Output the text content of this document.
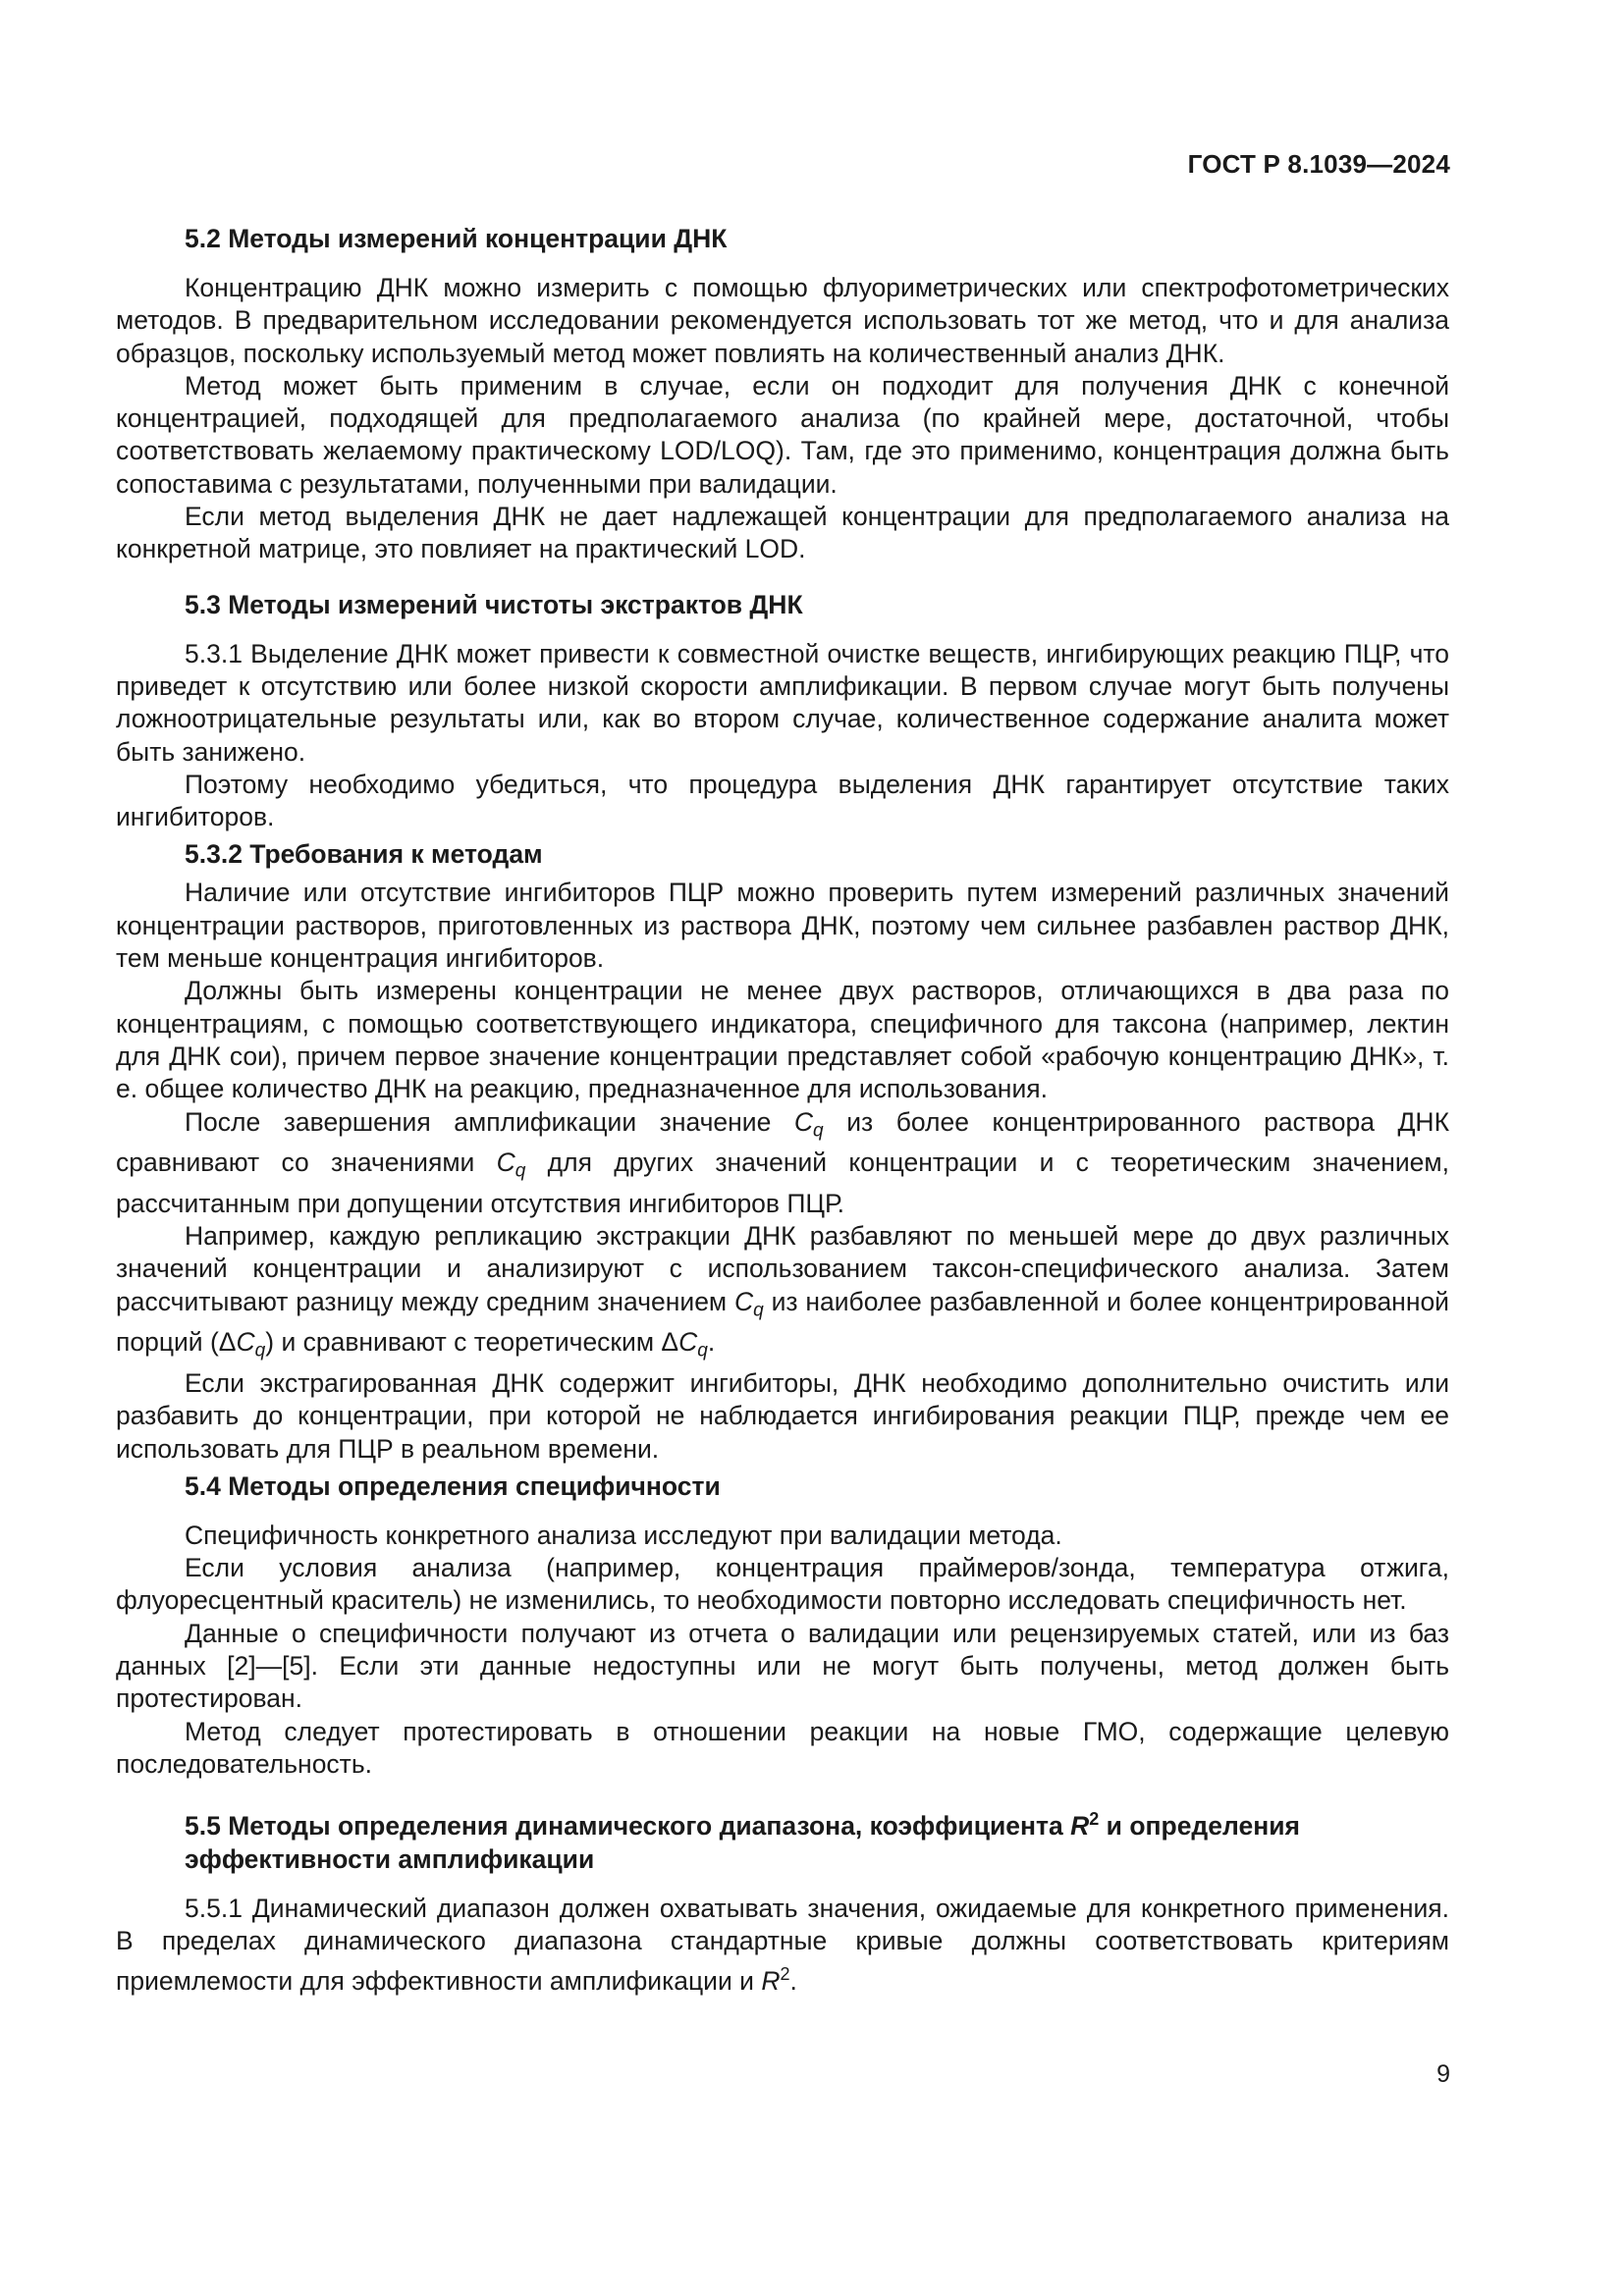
ГОСТ Р 8.1039—2024
5.2 Методы измерений концентрации ДНК

Концентрацию ДНК можно измерить с помощью флуориметрических или спектрофотометрических методов. В предварительном исследовании рекомендуется использовать тот же метод, что и для анализа образцов, поскольку используемый метод может повлиять на количественный анализ ДНК.

Метод может быть применим в случае, если он подходит для получения ДНК с конечной концентрацией, подходящей для предполагаемого анализа (по крайней мере, достаточной, чтобы соответствовать желаемому практическому LOD/LOQ). Там, где это применимо, концентрация должна быть сопоставима с результатами, полученными при валидации.

Если метод выделения ДНК не дает надлежащей концентрации для предполагаемого анализа на конкретной матрице, это повлияет на практический LOD.

5.3 Методы измерений чистоты экстрактов ДНК

5.3.1 Выделение ДНК может привести к совместной очистке веществ, ингибирующих реакцию ПЦР, что приведет к отсутствию или более низкой скорости амплификации. В первом случае могут быть получены ложноотрицательные результаты или, как во втором случае, количественное содержание аналита может быть занижено.

Поэтому необходимо убедиться, что процедура выделения ДНК гарантирует отсутствие таких ингибиторов.

5.3.2 Требования к методам

Наличие или отсутствие ингибиторов ПЦР можно проверить путем измерений различных значений концентрации растворов, приготовленных из раствора ДНК, поэтому чем сильнее разбавлен раствор ДНК, тем меньше концентрация ингибиторов.

Должны быть измерены концентрации не менее двух растворов, отличающихся в два раза по концентрациям, с помощью соответствующего индикатора, специфичного для таксона (например, лектин для ДНК сои), причем первое значение концентрации представляет собой «рабочую концентрацию ДНК», т. е. общее количество ДНК на реакцию, предназначенное для использования.

После завершения амплификации значение $C_q$ из более концентрированного раствора ДНК сравнивают со значениями $C_q$ для других значений концентрации и с теоретическим значением, рассчитанным при допущении отсутствия ингибиторов ПЦР.

Например, каждую репликацию экстракции ДНК разбавляют по меньшей мере до двух различных значений концентрации и анализируют с использованием таксон-специфического анализа. Затем рассчитывают разницу между средним значением $C_q$ из наиболее разбавленной и более концентрированной порций $(\Delta C_q)$ и сравнивают с теоретическим $\Delta C_q$.

Если экстрагированная ДНК содержит ингибиторы, ДНК необходимо дополнительно очистить или разбавить до концентрации, при которой не наблюдается ингибирования реакции ПЦР, прежде чем ее использовать для ПЦР в реальном времени.

5.4 Методы определения специфичности

Специфичность конкретного анализа исследуют при валидации метода.

Если условия анализа (например, концентрация праймеров/зонда, температура отжига, флуоресцентный краситель) не изменились, то необходимости повторно исследовать специфичность нет.

Данные о специфичности получают из отчета о валидации или рецензируемых статей, или из баз данных [2]—[5]. Если эти данные недоступны или не могут быть получены, метод должен быть протестирован.

Метод следует протестировать в отношении реакции на новые ГМО, содержащие целевую последовательность.

5.5 Методы определения динамического диапазона, коэффициента $R^2$ и определения эффективности амплификации

5.5.1 Динамический диапазон должен охватывать значения, ожидаемые для конкретного применения. В пределах динамического диапазона стандартные кривые должны соответствовать критериям приемлемости для эффективности амплификации и $R^2$.

9
